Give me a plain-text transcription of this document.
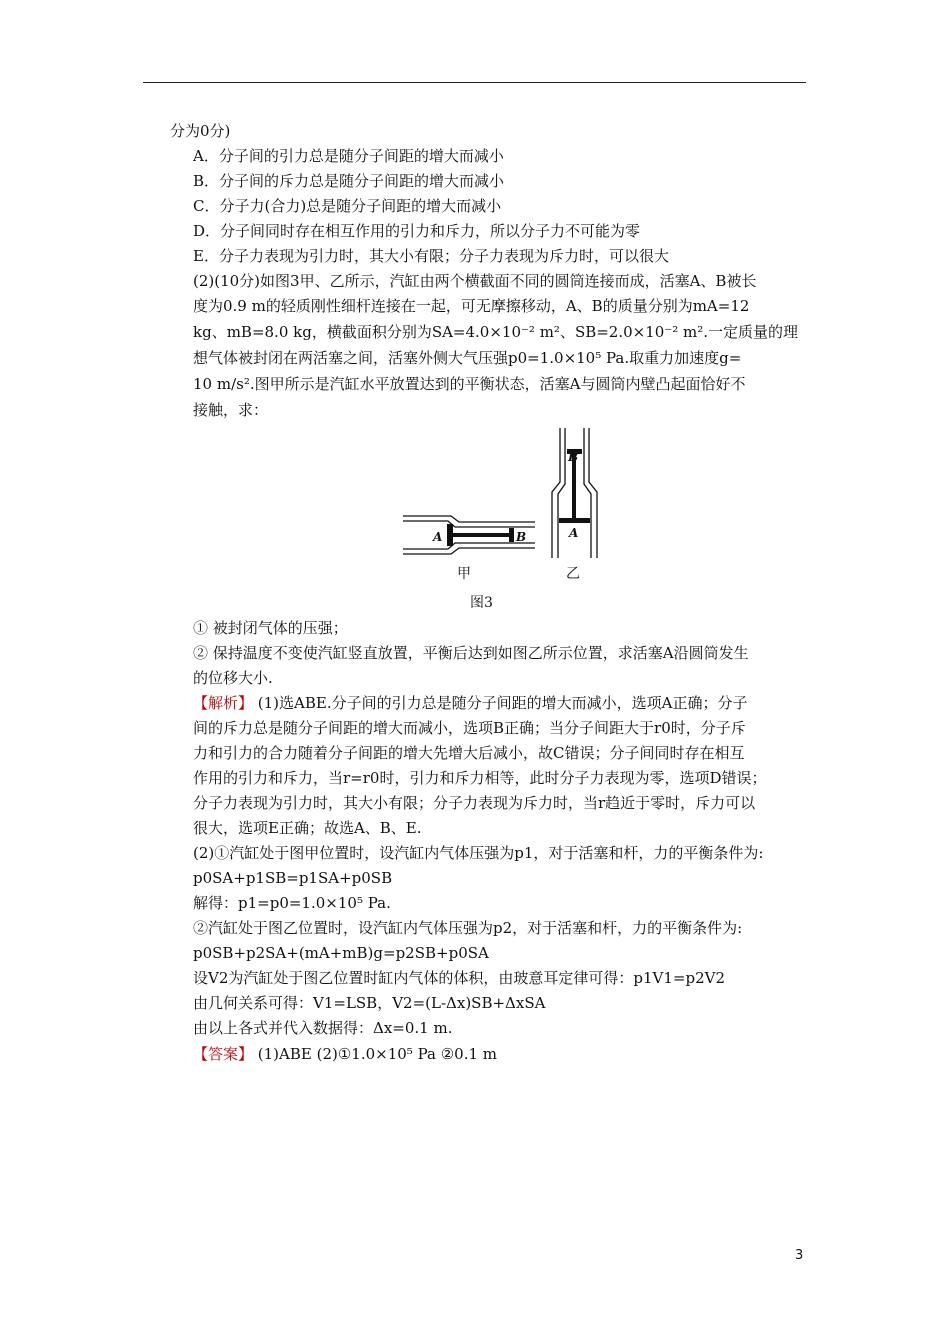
分为0分)
A．分子间的引力总是随分子间距的增大而减小
B．分子间的斥力总是随分子间距的增大而减小
C．分子力(合力)总是随分子间距的增大而减小
D．分子间同时存在相互作用的引力和斥力，所以分子力不可能为零
E．分子力表现为引力时，其大小有限；分子力表现为斥力时，可以很大
(2)(10分)如图3甲、乙所示，汽缸由两个横截面不同的圆筒连接而成，活塞A、B被长
度为0.9 m的轻质刚性细杆连接在一起，可无摩擦移动，A、B的质量分别为mA=12
kg、mB=8.0 kg，横截面积分别为SA=4.0×10⁻² m²、SB=2.0×10⁻² m².一定质量的理
想气体被封闭在两活塞之间，活塞外侧大气压强p0=1.0×10⁵ Pa.取重力加速度g=
10 m/s².图甲所示是汽缸水平放置达到的平衡状态，活塞A与圆筒内壁凸起面恰好不
接触，求：
A	B
甲
B
A
乙
图3
① 被封闭气体的压强；
② 保持温度不变使汽缸竖直放置，平衡后达到如图乙所示位置，求活塞A沿圆筒发生
的位移大小.
【解析】 (1)选ABE.分子间的引力总是随分子间距的增大而减小，选项A正确；分子
间的斥力总是随分子间距的增大而减小，选项B正确；当分子间距大于r0时，分子斥
力和引力的合力随着分子间距的增大先增大后减小，故C错误；分子间同时存在相互
作用的引力和斥力，当r=r0时，引力和斥力相等，此时分子力表现为零，选项D错误；
分子力表现为引力时，其大小有限；分子力表现为斥力时，当r趋近于零时，斥力可以
很大，选项E正确；故选A、B、E.
(2)①汽缸处于图甲位置时，设汽缸内气体压强为p1，对于活塞和杆，力的平衡条件为:
p0SA+p1SB=p1SA+p0SB
解得：p1=p0=1.0×10⁵ Pa.
②汽缸处于图乙位置时，设汽缸内气体压强为p2，对于活塞和杆，力的平衡条件为:
p0SB+p2SA+(mA+mB)g=p2SB+p0SA
设V2为汽缸处于图乙位置时缸内气体的体积，由玻意耳定律可得：p1V1=p2V2
由几何关系可得：V1=LSB，V2=(L-Δx)SB+ΔxSA
由以上各式并代入数据得：Δx=0.1 m.
【答案】 (1)ABE (2)①1.0×10⁵ Pa ②0.1 m
3
